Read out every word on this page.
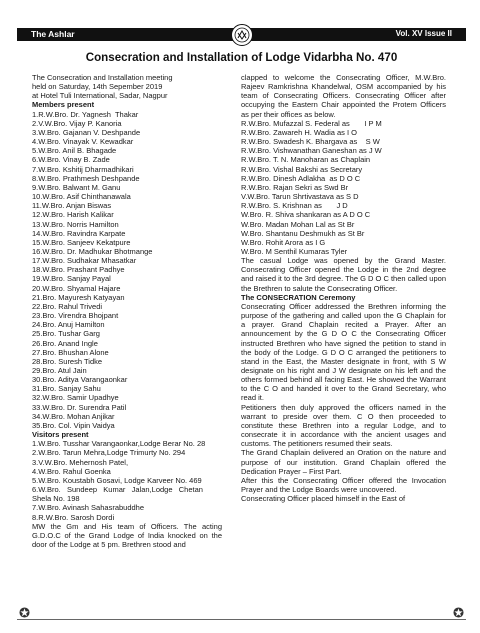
The Ashlar	Vol. XV Issue II
Consecration and Installation of Lodge Vidarbha No. 470
The Consecration and Installation meeting
held on Saturday, 14th Sepember 2019
at Hotel Tuli International, Sadar, Nagpur
Members present
1.R.W.Bro. Dr. Yagnesh  Thakar
2.V.W.Bro. Vijay P. Kanoria
3.W.Bro. Gajanan V. Deshpande
4.W.Bro. Vinayak V. Kewadkar
5.W.Bro. Anil B. Bhagade
6.W.Bro. Vinay B. Zade
7.W.Bro. Kshitij Dharmadhikari
8.W.Bro. Prathmesh Deshpande
9.W.Bro. Balwant M. Ganu
10.W.Bro. Asif Chinthanawala
11.W.Bro. Anjan Biswas
12.W.Bro. Harish Kalikar
13.W.Bro. Norris Hamilton
14.W.Bro. Ravindra Karpate
15.W.Bro. Sanjeev Kekatpure
16.W.Bro. Dr. Madhukar Bhotmange
17.W.Bro. Sudhakar Mhasatkar
18.W.Bro. Prashant Padhye
19.W.Bro. Sanjay Payal
20.W.Bro. Shyamal Hajare
21.Bro. Mayuresh Katyayan
22.Bro. Rahul Trivedi
23.Bro. Virendra Bhojpant
24.Bro. Anuj Hamilton
25.Bro. Tushar Garg
26.Bro. Anand Ingle
27.Bro. Bhushan Alone
28.Bro. Suresh Tidke
29.Bro. Atul Jain
30.Bro. Aditya Varangaonkar
31.Bro. Sanjay Sahu
32.W.Bro. Samir Upadhye
33.W.Bro. Dr. Surendra Patil
34.W.Bro. Mohan Anjikar
35.Bro. Col. Vipin Vaidya
Visitors present
1.W.Bro. Tusshar Varangaonkar,Lodge Berar No. 28
2.W.Bro. Tarun Mehra,Lodge Trimurty No. 294
3.V.W.Bro. Mehernosh Patel,
4.W.Bro. Rahul Goenka
5.W.Bro. Koustabh Gosavi, Lodge Karveer No. 469
6.W.Bro.   Sundeep   Kumar   Jalan,Lodge   Chetan
Shela No. 198
7.W.Bro. Avinash Sahasrabuddhe
8.R.W.Bro. Sarosh Dordi

MW the Gm and His team of Officers. The acting G.D.O.C of the Grand Lodge of India knocked on the door of the Lodge at 5 pm. Brethren stood and

clapped to welcome the Consecrating Officer, M.W.Bro. Rajeev Ramkrishna Khandelwal, OSM accompanied by his team of Consecrating Officers. Consecrating Officer after occupying the Eastern Chair appointed the Protem Officers as per their offices as below.

R.W.Bro. Mufazzal S. Federal as       I P M
R.W.Bro. Zawareh H. Wadia as I O
R.W.Bro. Swadesh K. Bhargava as    S W
R.W.Bro. Vishwanathan Ganeshan as J W
R.W.Bro. T. N. Manoharan as Chaplain
R.W.Bro. Vishal Bakshi as Secretary
R.W.Bro. Dinesh Adlakha  as D O C
R.W.Bro. Rajan Sekri as Swd Br
V.W.Bro. Tarun Shrtivastava as S D
R.W.Bro. S. Krishnan as       J D
W.Bro. R. Shiva shankaran as A D O C
W.Bro. Madan Mohan Lal as St Br
W.Bro. Shantanu Deshmukh as St Br
W.Bro. Rohit Arora as I G
W.Bro. M Senthil Kumaras Tyler

The casual Lodge was opened by the Grand Master. Consecrating Officer opened the Lodge in the 2nd degree and raised it to the 3rd degree. The G D O C then called upon the Brethren to salute the Consecrating Officer.

The CONSECRATION Ceremony

Consecrating Officer addressed the Brethren informing the purpose of the gathering and called upon the G Chaplain for a prayer. Grand Chaplain recited a Prayer. After an announcement by the G D O C the Consecrating Officer instructed Brethren who have signed the petition to stand in the body of the Lodge. G D O C arranged the petitioners to stand in the East, the Master designate in front, with S W designate on his right and J W designate on his left and the others formed behind all facing East. He showed the Warrant to the C O and handed it over to the Grand Secretary, who read it.

Petitioners then duly approved the officers named in the warrant to preside over them. C O then proceeded to constitute these Brethren into a regular Lodge, and to consecrate it in accordance with the ancient usages and customs. The petitioners resumed their seats.

The Grand Chaplain delivered an Oration on the nature and purpose of our institution. Grand Chaplain offered the Dedication Prayer – First Part.

After this the Consecrating Officer offered the Invocation Prayer and the Lodge Boards were uncovered.

Consecrating Officer placed himself in the East of
